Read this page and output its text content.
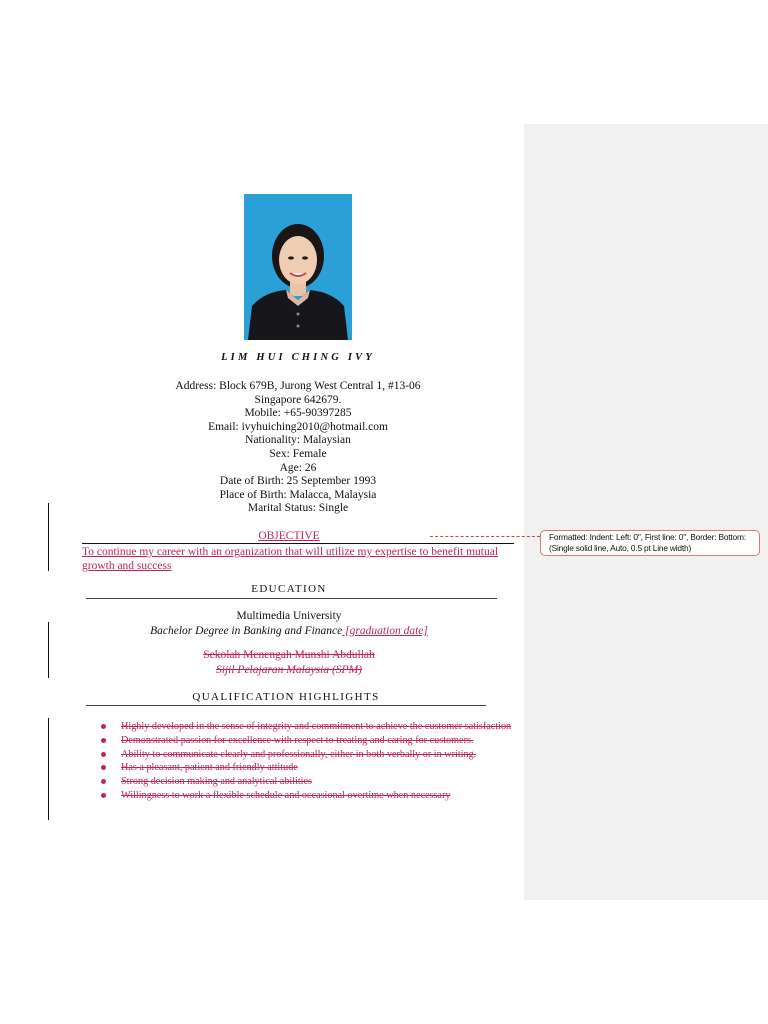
Formatted: Indent: Left: 0", First line: 0", Border: Bottom: (Single solid line, Auto, 0.5 pt Line width)
LIM HUI CHING IVY
Address: Block 679B, Jurong West Central 1, #13-06
Singapore 642679.
Mobile: +65-90397285
Email: ivyhuiching2010@hotmail.com
Nationality: Malaysian
Sex: Female
Age: 26
Date of Birth: 25 September 1993
Place of Birth: Malacca, Malaysia
Marital Status: Single
OBJECTIVE
To continue my career with an organization that will utilize my expertise to benefit mutual growth and success
EDUCATION
Multimedia University
Bachelor Degree in Banking and Finance [graduation date]
Sekolah Menengah Munshi Abdullah
Sijil Pelajaran Malaysia (SPM)
QUALIFICATION HIGHLIGHTS
Highly developed in the sense of integrity and commitment to achieve the customer satisfaction
Demonstrated passion for excellence with respect to treating and caring for customers.
Ability to communicate clearly and professionally, either in both verbally or in writing.
Has a pleasant, patient and friendly attitude
Strong decision making and analytical abilities
Willingness to work a flexible schedule and occasional overtime when necessary
